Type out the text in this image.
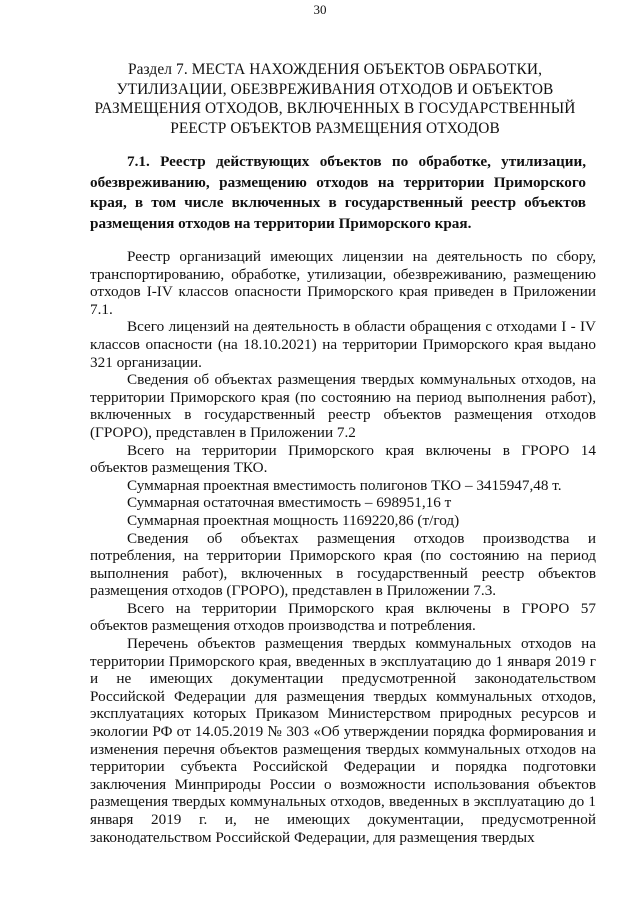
30
Раздел 7. МЕСТА НАХОЖДЕНИЯ ОБЪЕКТОВ ОБРАБОТКИ, УТИЛИЗАЦИИ, ОБЕЗВРЕЖИВАНИЯ ОТХОДОВ И ОБЪЕКТОВ РАЗМЕЩЕНИЯ ОТХОДОВ, ВКЛЮЧЕННЫХ В ГОСУДАРСТВЕННЫЙ РЕЕСТР ОБЪЕКТОВ РАЗМЕЩЕНИЯ ОТХОДОВ
7.1. Реестр действующих объектов по обработке, утилизации, обезвреживанию, размещению отходов на территории Приморского края, в том числе включенных в государственный реестр объектов размещения отходов на территории Приморского края.

Реестр организаций имеющих лицензии на деятельность по сбору, транспортированию, обработке, утилизации, обезвреживанию, размещению отходов I-IV классов опасности Приморского края приведен в Приложении 7.1.

Всего лицензий на деятельность в области обращения с отходами I - IV классов опасности (на 18.10.2021) на территории Приморского края выдано 321 организации.

Сведения об объектах размещения твердых коммунальных отходов, на территории Приморского края (по состоянию на период выполнения работ), включенных в государственный реестр объектов размещения отходов (ГРОРО), представлен в Приложении 7.2

Всего на территории Приморского края включены в ГРОРО 14 объектов размещения ТКО.

Суммарная проектная вместимость полигонов ТКО – 3415947,48 т.

Суммарная остаточная вместимость – 698951,16 т

Суммарная проектная мощность 1169220,86 (т/год)

Сведения об объектах размещения отходов производства и потребления, на территории Приморского края (по состоянию на период выполнения работ), включенных в государственный реестр объектов размещения отходов (ГРОРО), представлен в Приложении 7.3.

Всего на территории Приморского края включены в ГРОРО 57 объектов размещения отходов производства и потребления.

Перечень объектов размещения твердых коммунальных отходов на территории Приморского края, введенных в эксплуатацию до 1 января 2019 г и не имеющих документации предусмотренной законодательством Российской Федерации для размещения твердых коммунальных отходов, эксплуатациях которых Приказом Министерством природных ресурсов и экологии РФ от 14.05.2019 № 303 «Об утверждении порядка формирования и изменения перечня объектов размещения твердых коммунальных отходов на территории субъекта Российской Федерации и порядка подготовки заключения Минприроды России о возможности использования объектов размещения твердых коммунальных отходов, введенных в эксплуатацию до 1 января 2019 г. и, не имеющих документации, предусмотренной законодательством Российской Федерации, для размещения твердых
